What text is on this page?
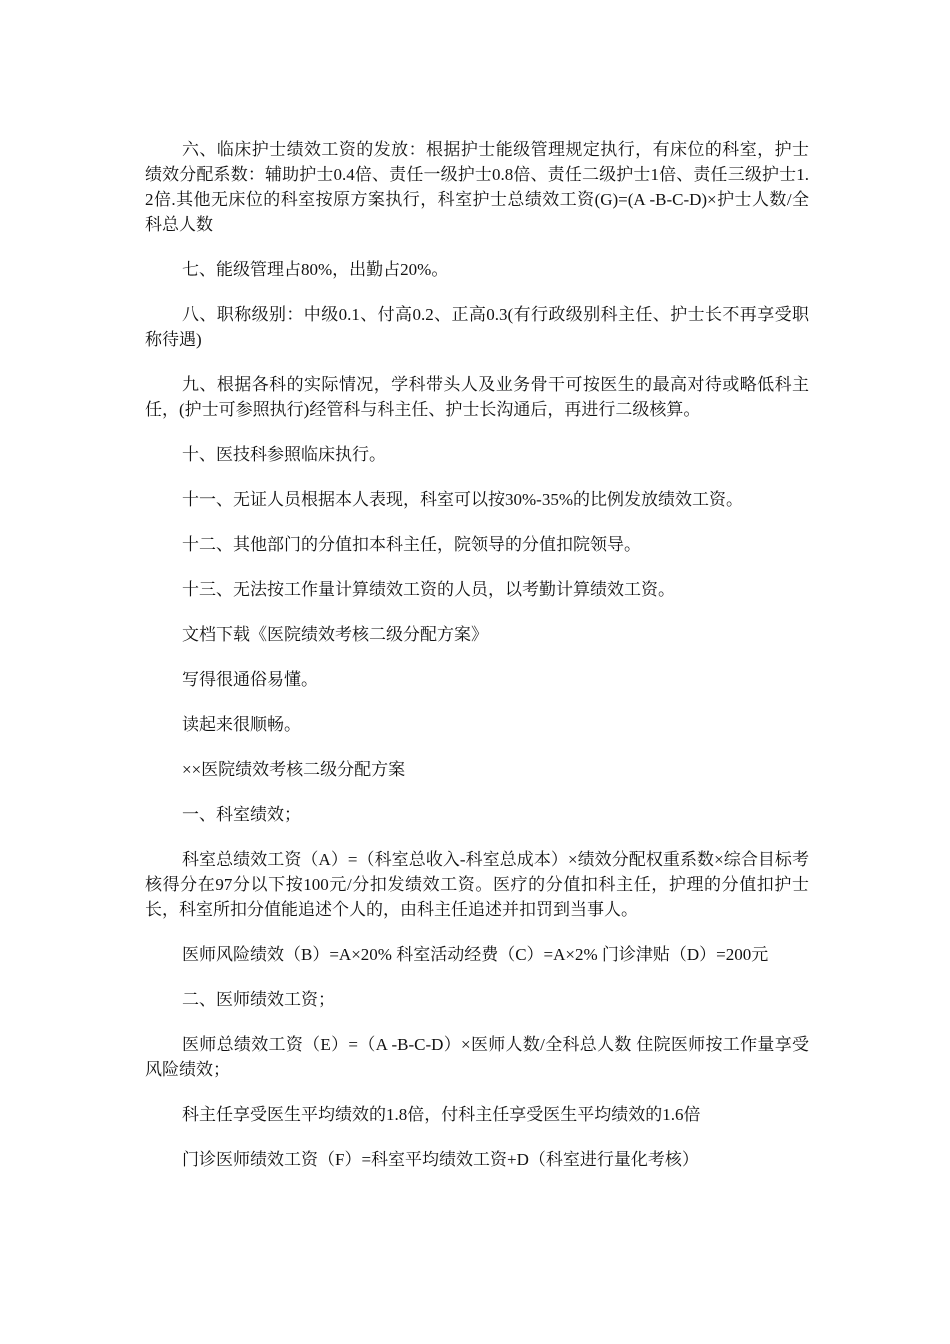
六、临床护士绩效工资的发放：根据护士能级管理规定执行，有床位的科室，护士绩效分配系数：辅助护士0.4倍、责任一级护士0.8倍、责任二级护士1倍、责任三级护士1.2倍.其他无床位的科室按原方案执行，科室护士总绩效工资(G)=(A -B-C-D)×护士人数/全科总人数

七、能级管理占80%，出勤占20%。

八、职称级别：中级0.1、付高0.2、正高0.3(有行政级别科主任、护士长不再享受职称待遇)

九、根据各科的实际情况，学科带头人及业务骨干可按医生的最高对待或略低科主任，(护士可参照执行)经管科与科主任、护士长沟通后，再进行二级核算。

十、医技科参照临床执行。

十一、无证人员根据本人表现，科室可以按30%-35%的比例发放绩效工资。

十二、其他部门的分值扣本科主任，院领导的分值扣院领导。

十三、无法按工作量计算绩效工资的人员，以考勤计算绩效工资。

文档下载《医院绩效考核二级分配方案》

写得很通俗易懂。

读起来很顺畅。

××医院绩效考核二级分配方案

一、科室绩效；

科室总绩效工资（A）=（科室总收入-科室总成本）×绩效分配权重系数×综合目标考核得分在97分以下按100元/分扣发绩效工资。医疗的分值扣科主任，护理的分值扣护士长，科室所扣分值能追述个人的，由科主任追述并扣罚到当事人。

医师风险绩效（B）=A×20% 科室活动经费（C）=A×2% 门诊津贴（D）=200元

二、医师绩效工资；

医师总绩效工资（E）=（A -B-C-D）×医师人数/全科总人数 住院医师按工作量享受风险绩效；

科主任享受医生平均绩效的1.8倍，付科主任享受医生平均绩效的1.6倍

门诊医师绩效工资（F）=科室平均绩效工资+D（科室进行量化考核）
